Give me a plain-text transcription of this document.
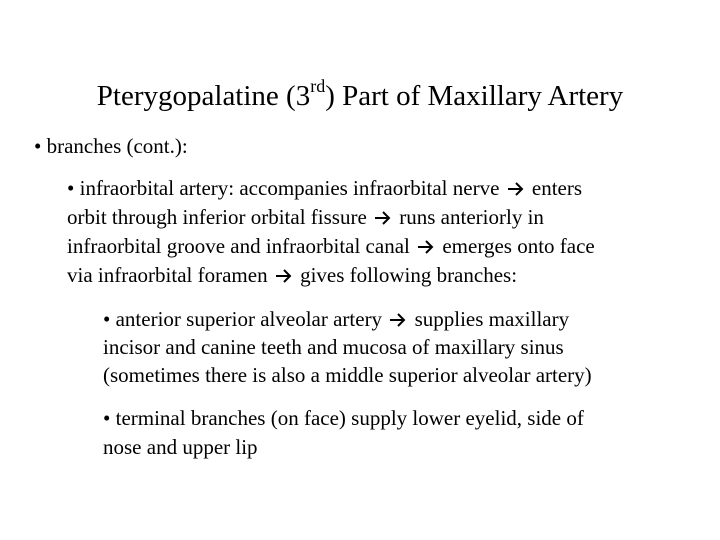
Pterygopalatine (3rd) Part of Maxillary Artery
• branches (cont.):
• infraorbital artery: accompanies infraorbital nerve enters
orbit through inferior orbital fissure runs anteriorly in
infraorbital groove and infraorbital canal emerges onto face
via infraorbital foramen gives following branches:
• anterior superior alveolar artery supplies maxillary
incisor and canine teeth and mucosa of maxillary sinus
(sometimes there is also a middle superior alveolar artery)
• terminal branches (on face) supply lower eyelid, side of
nose and upper lip
